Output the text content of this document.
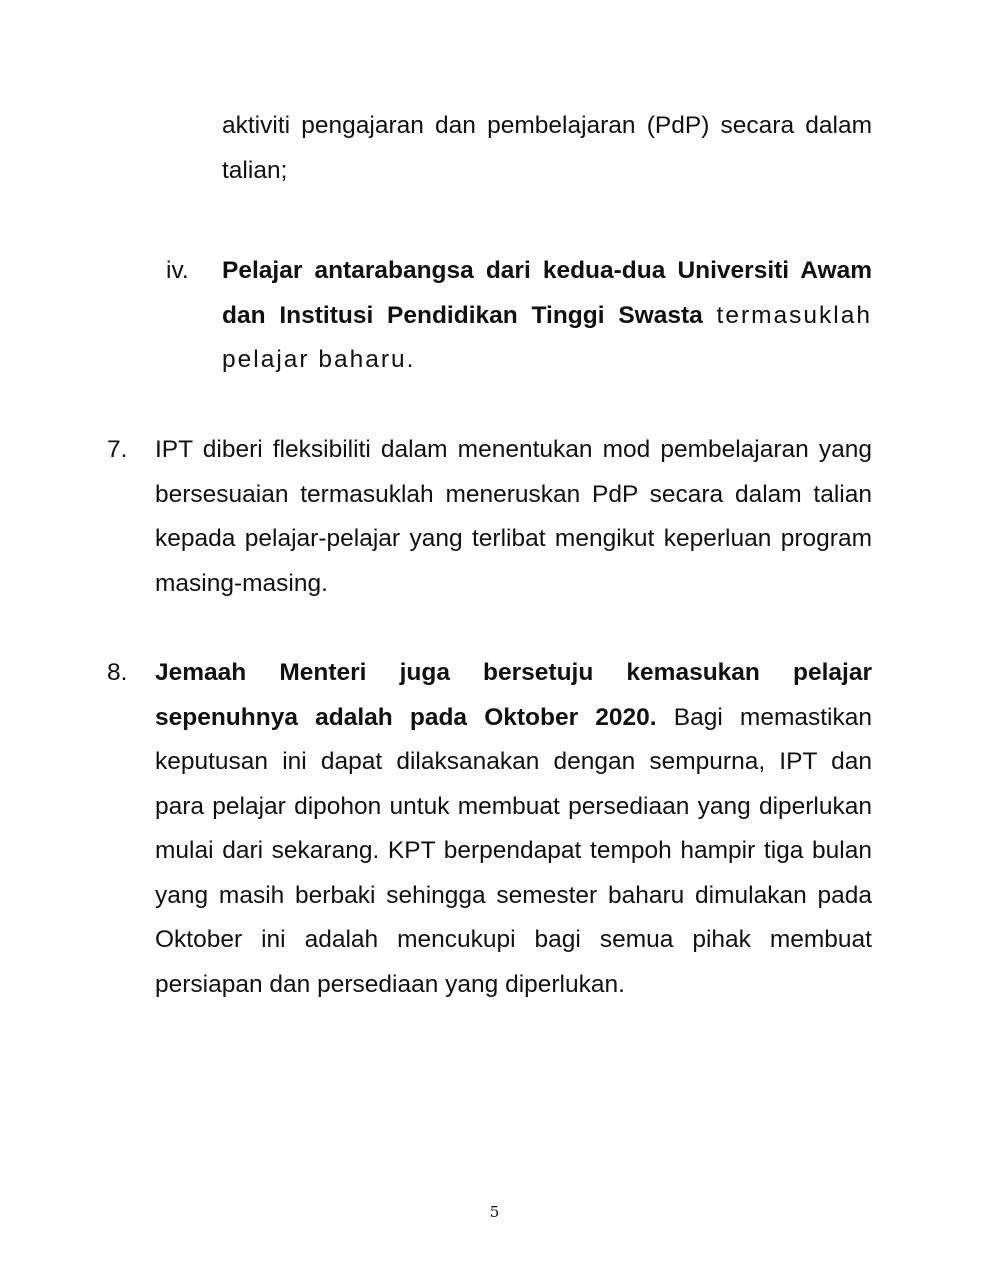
aktiviti pengajaran dan pembelajaran (PdP) secara dalam talian;
iv. Pelajar antarabangsa dari kedua-dua Universiti Awam dan Institusi Pendidikan Tinggi Swasta termasuklah pelajar baharu.
7. IPT diberi fleksibiliti dalam menentukan mod pembelajaran yang bersesuaian termasuklah meneruskan PdP secara dalam talian kepada pelajar-pelajar yang terlibat mengikut keperluan program masing-masing.
8. Jemaah Menteri juga bersetuju kemasukan pelajar sepenuhnya adalah pada Oktober 2020. Bagi memastikan keputusan ini dapat dilaksanakan dengan sempurna, IPT dan para pelajar dipohon untuk membuat persediaan yang diperlukan mulai dari sekarang. KPT berpendapat tempoh hampir tiga bulan yang masih berbaki sehingga semester baharu dimulakan pada Oktober ini adalah mencukupi bagi semua pihak membuat persiapan dan persediaan yang diperlukan.
5
